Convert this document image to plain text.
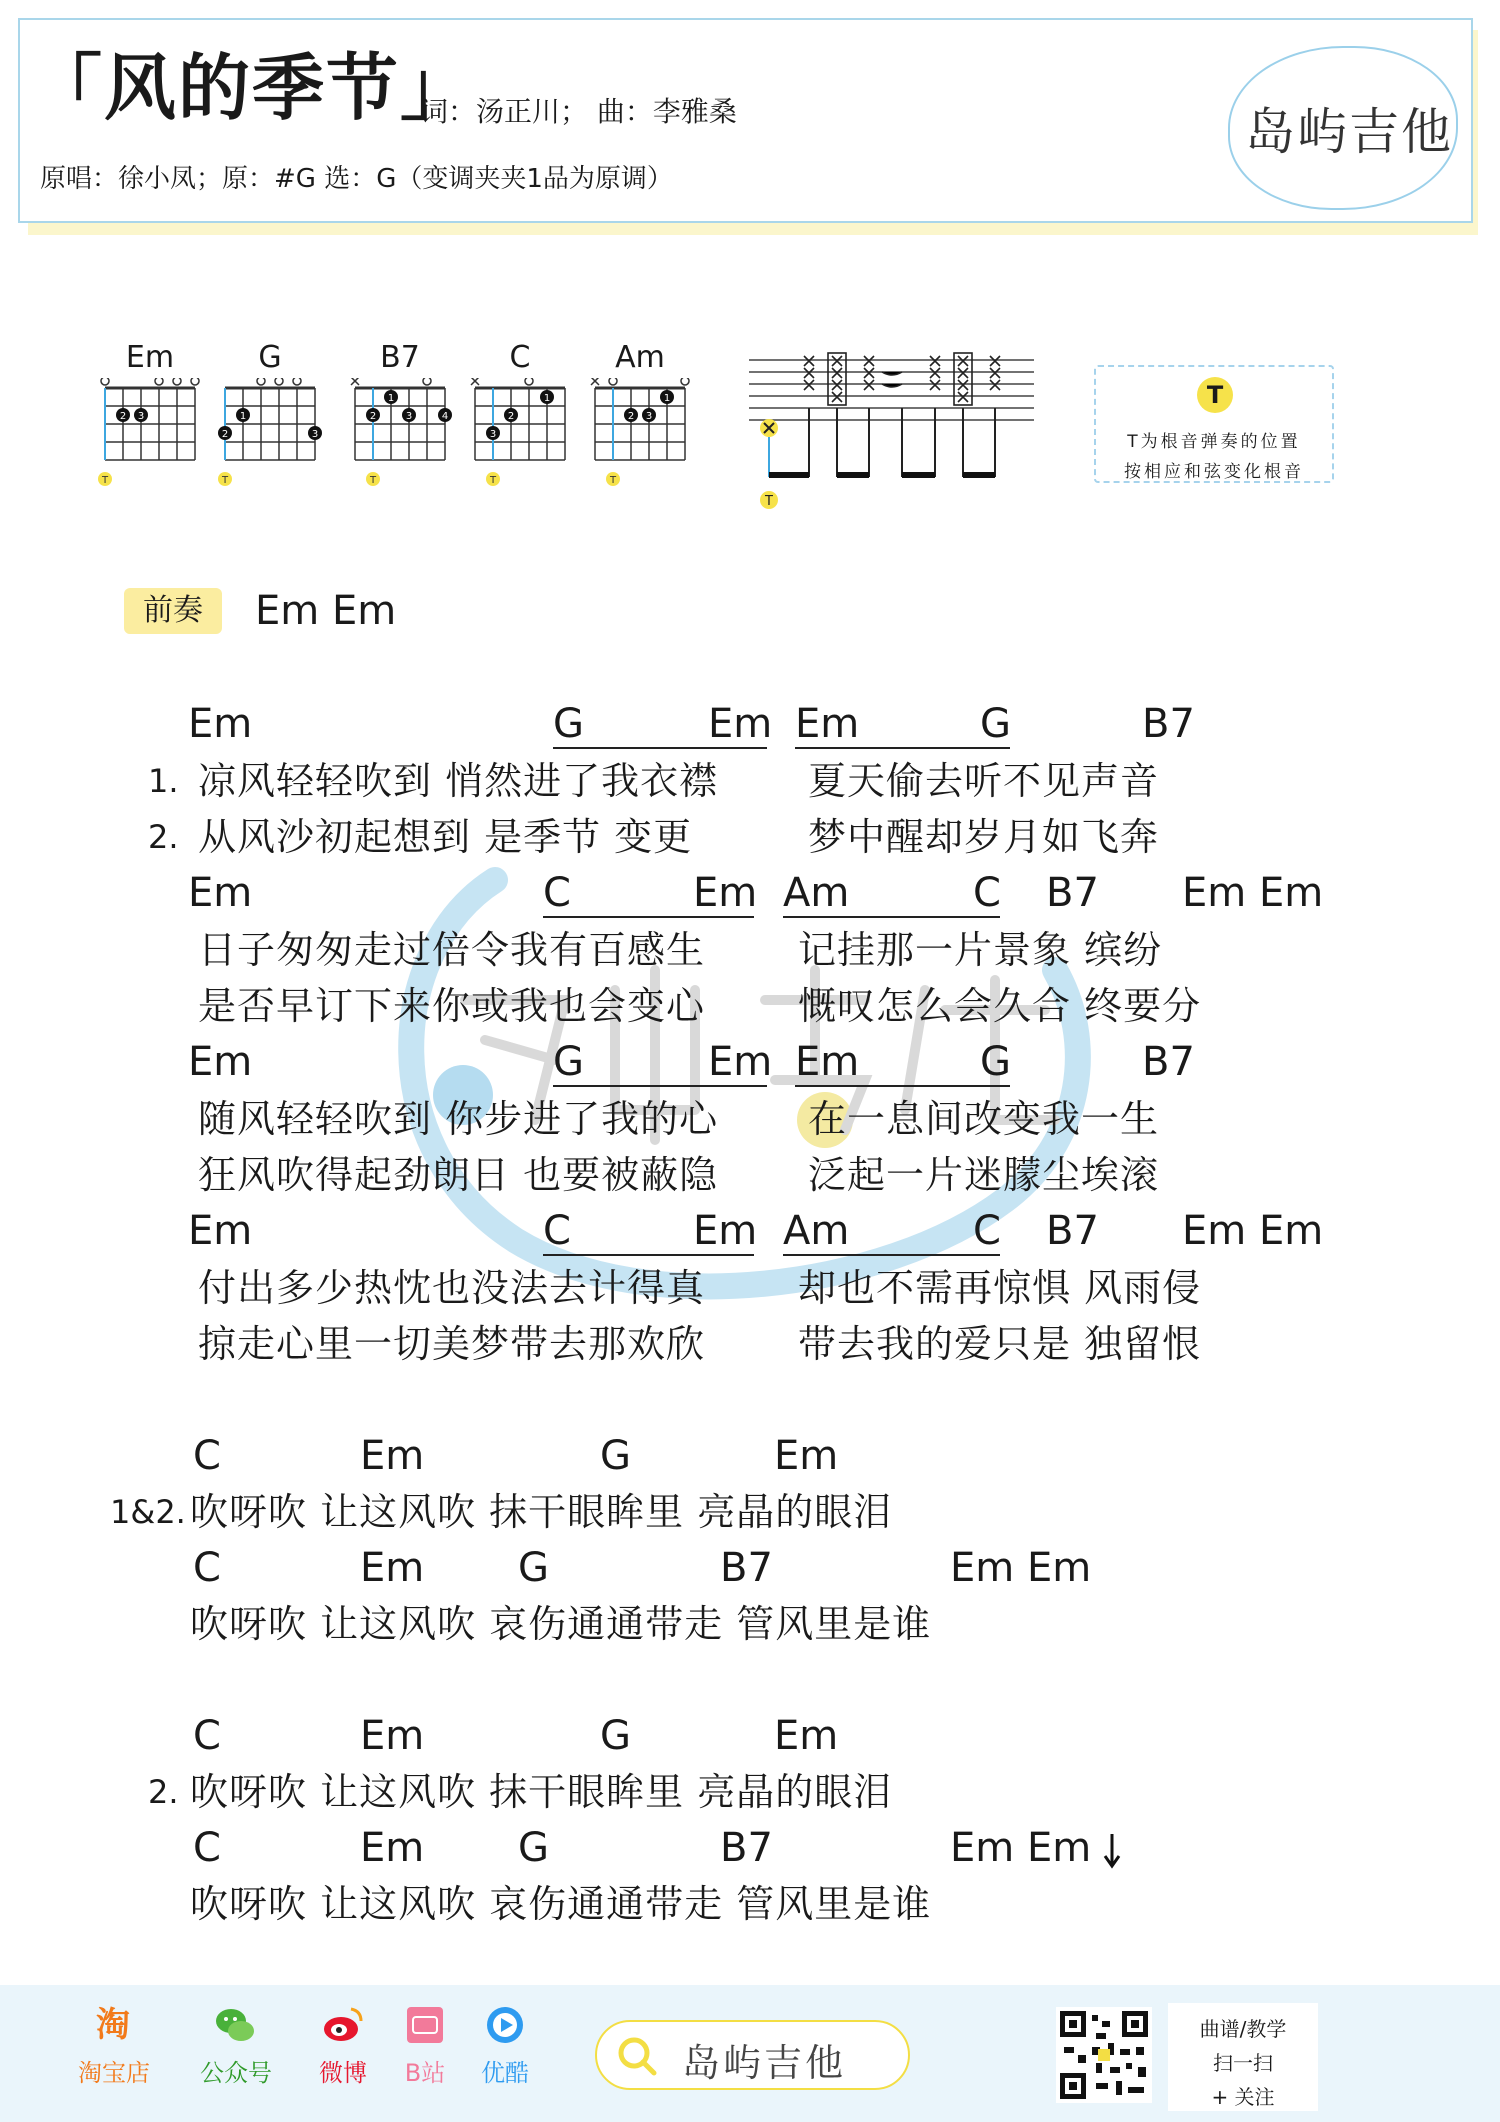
「风的季节」
词：汤正川； 曲：李雅桑
原唱：徐小凤；原：#G 选：G（变调夹夹1品为原调）
岛屿吉他
Em
2 3
T
G
1
2	3
T
B7
1
2	3	4
T
C
1
2
3
T
Am
1
2 3
T
T
T
T为根音弹奏的位置
按相应和弦变化根音
前奏	Em Em
Em	G	Em Em	G	B7
1. 凉风轻轻吹到 悄然进了我衣襟 夏天偷去听不见声音
2. 从风沙初起想到 是季节 变更	梦中醒却岁月如飞奔
Em	C	Em Am	C B7 Em Em
日子匆匆走过倍令我有百感生 记挂那一片景象 缤纷
是否早订下来你或我也会变心 慨叹怎么会久合 终要分
Em	G	Em Em	G	B7
随风轻轻吹到 你步进了我的心 在一息间改变我一生
狂风吹得起劲朗日 也要被蔽隐 泛起一片迷朦尘埃滚
Em	C	Em Am	C B7 Em Em
付出多少热忱也没法去计得真 却也不需再惊惧 风雨侵
掠走心里一切美梦带去那欢欣 带去我的爱只是 独留恨
C	Em	G	Em
1&2. 吹呀吹 让这风吹 抹干眼眸里 亮晶的眼泪
C	Em G	B7	Em Em
吹呀吹 让这风吹 哀伤通通带走 管风里是谁
C	Em	G	Em
2. 吹呀吹 让这风吹 抹干眼眸里 亮晶的眼泪
C	Em G	B7	Em Em
吹呀吹 让这风吹 哀伤通通带走 管风里是谁
淘
淘宝店 公众号	微博	B站	优酷	岛屿吉他
曲谱/教学
扫一扫
+ 关注
